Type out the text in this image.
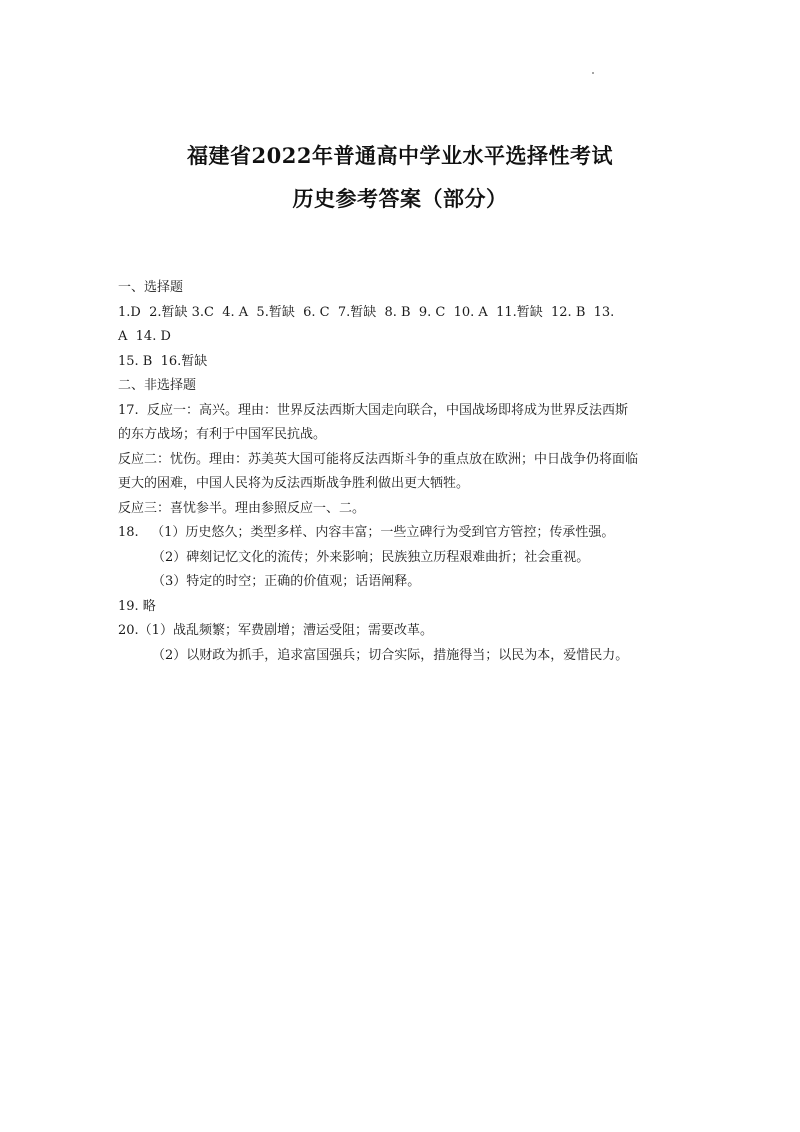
福建省2022年普通高中学业水平选择性考试
历史参考答案（部分）
一、选择题
1.D  2.暂缺 3.C  4. A  5.暂缺  6. C  7.暂缺  8. B  9. C  10. A  11.暂缺  12. B  13.
A  14. D
15. B  16.暂缺
二、非选择题
17.  反应一：高兴。理由：世界反法西斯大国走向联合，中国战场即将成为世界反法西斯
的东方战场；有利于中国军民抗战。
反应二：忧伤。理由：苏美英大国可能将反法西斯斗争的重点放在欧洲；中日战争仍将面临
更大的困难，中国人民将为反法西斯战争胜利做出更大牺牲。
反应三：喜忧参半。理由参照反应一、二。
18.   （1）历史悠久；类型多样、内容丰富；一些立碑行为受到官方管控；传承性强。
（2）碑刻记忆文化的流传；外来影响；民族独立历程艰难曲折；社会重视。
（3）特定的时空；正确的价值观；话语阐释。
19. 略
20.（1）战乱频繁；军费剧增；漕运受阻；需要改革。
（2）以财政为抓手，追求富国强兵；切合实际，措施得当；以民为本，爱惜民力。
